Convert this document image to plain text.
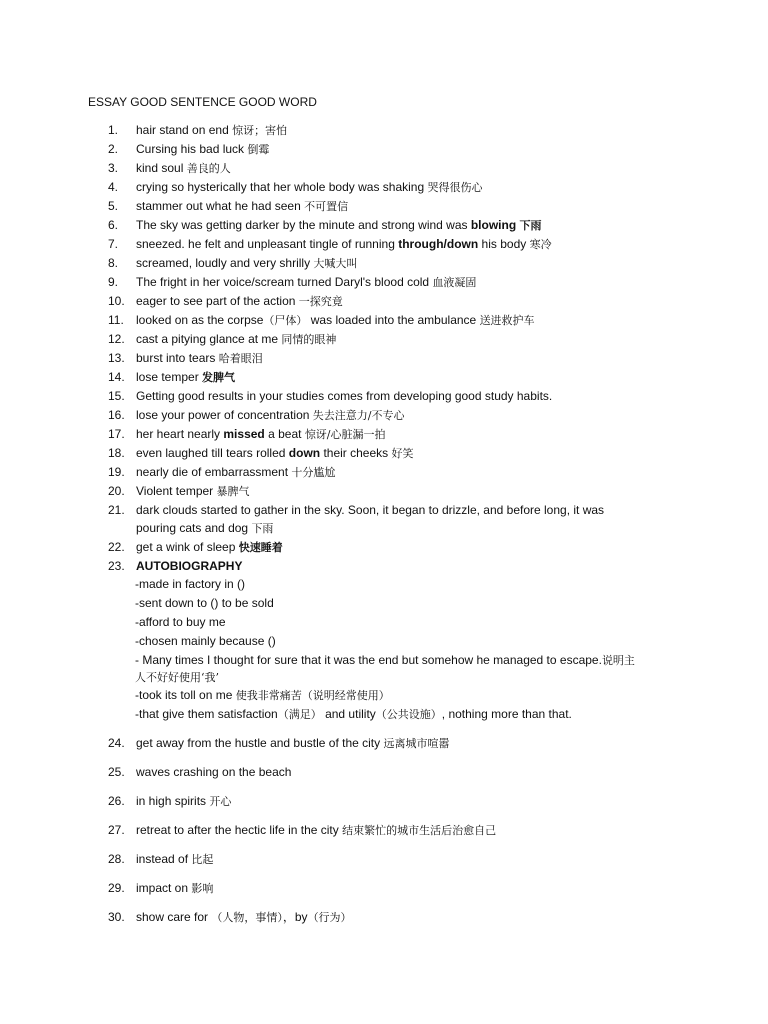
ESSAY GOOD SENTENCE GOOD WORD
1. hair stand on end 惊讶；害怕
2. Cursing his bad luck 倒霉
3. kind soul 善良的人
4. crying so hysterically that her whole body was shaking 哭得很伤心
5. stammer out what he had seen 不可置信
6. The sky was getting darker by the minute and strong wind was blowing 下雨
7. sneezed. he felt and unpleasant tingle of running through/down his body 寒冷
8. screamed, loudly and very shrilly 大喊大叫
9. The fright in her voice/scream turned Daryl's blood cold 血液凝固
10. eager to see part of the action 一探究竟
11. looked on as the corpse（尸体） was loaded into the ambulance 送进救护车
12. cast a pitying glance at me 同情的眼神
13. burst into tears 哈着眼泪
14. lose temper 发脾气
15. Getting good results in your studies comes from developing good study habits.
16. lose your power of concentration 失去注意力/不专心
17. her heart nearly missed a beat 惊讶/心脏漏一拍
18. even laughed till tears rolled down their cheeks 好笑
19. nearly die of embarrassment 十分尴尬
20. Violent temper 暴脾气
21. dark clouds started to gather in the sky. Soon, it began to drizzle, and before long, it was
pouring cats and dog 下雨
22. get a wink of sleep 快速睡着
23. AUTOBIOGRAPHY
-made in factory in ()
-sent down to () to be sold
-afford to buy me
-chosen mainly because ()
- Many times I thought for sure that it was the end but somehow he managed to escape.说明主
人不好好使用‘我’
-took its toll on me 使我非常痛苦（说明经常使用）
-that give them satisfaction（满足） and utility（公共设施）, nothing more than that.
24. get away from the hustle and bustle of the city 远离城市喧嚣
25. waves crashing on the beach
26. in high spirits 开心
27. retreat to after the hectic life in the city 结束繁忙的城市生活后治愈自己
28. instead of 比起
29. impact on 影响
30. show care for （人物，事情），by（行为）
